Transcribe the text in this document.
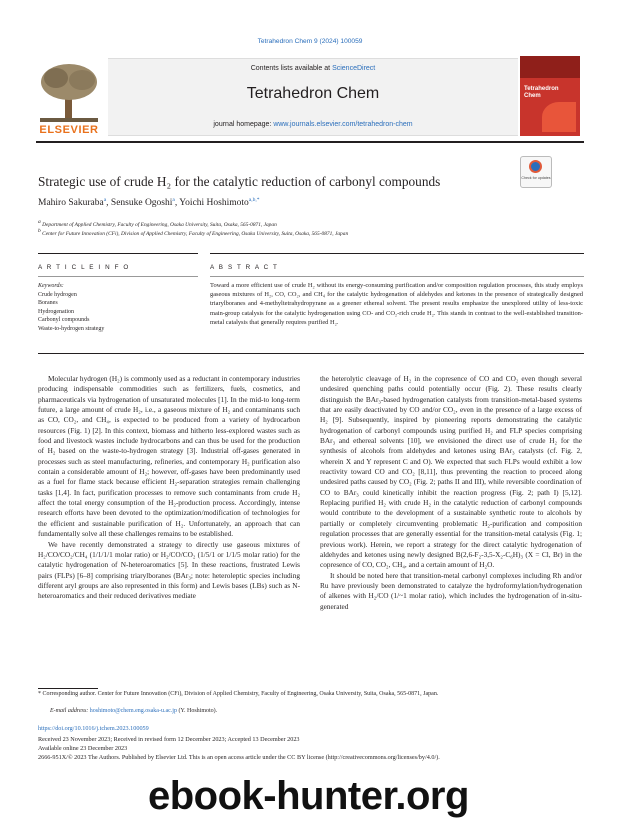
Tetrahedron Chem 9 (2024) 100059
ELSEVIER
Contents lists available at ScienceDirect
Tetrahedron Chem
journal homepage: www.journals.elsevier.com/tetrahedron-chem
Tetrahedron Chem
Strategic use of crude H₂ for the catalytic reduction of carbonyl compounds	Check for updates
Mahiro Sakuraba$^a$, Sensuke Ogoshi$^a$, Yoichi Hoshimoto$^{a,b,*}$
$^a$ Department of Applied Chemistry, Faculty of Engineering, Osaka University, Suita, Osaka, 565-0871, Japan
$^b$ Center for Future Innovation (CFi), Division of Applied Chemistry, Faculty of Engineering, Osaka University, Suita, Osaka, 565-0871, Japan
A R T I C L E I N F O	A B S T R A C T
Keywords:
Crude hydrogen
Boranes
Hydrogenation
Carbonyl compounds
Waste-to-hydrogen strategy
Toward a more efficient use of crude H₂ without its energy-consuming purification and/or composition regulation processes, this study employs gaseous mixtures of H₂, CO, CO₂, and CH₄ for the catalytic hydrogenation of aldehydes and ketones in the presence of strategically designed triarylboranes and 4-methyltetrahydropyrane as a greener ethereal solvent. The present results emphasize the unexplored utility of less-toxic main-group catalysis for the catalytic hydrogenation using CO- and CO₂-rich crude H₂. This stands in contrast to the well-established transition-metal catalysis that generally requires purified H₂.

Molecular hydrogen (H₂) is commonly used as a reductant in contemporary industries producing indispensable commodities such as fertilizers, fuels, cosmetics, and pharmaceuticals via hydrogenation of unsaturated molecules [1]. In the mid-to long-term future, a large amount of crude H₂, i.e., a gaseous mixture of H₂ and contaminants such as CO, CO₂, and CH₄, is expected to be produced from a variety of hydrocarbon resources (Fig. 1) [2]. In this context, biomass and hitherto less-explored wastes such as food and livestock wastes include hydrocarbons and can thus be used for the production of H₂ based on the waste-to-hydrogen strategy [3]. Industrial off-gases generated in processes such as steel manufacturing, refineries, and contemporary H₂ purification also contain a considerable amount of H₂; however, off-gases have been predominantly used as a fuel for flame stack because efficient H₂-separation strategies remain challenging tasks [1,4]. In fact, purification processes to remove such contaminants from crude H₂ affect the total energy consumption of the H₂-production process. Accordingly, intense research efforts have been devoted to the optimization/modification of technologies for the efficient and sustainable purification of H₂. Unfortunately, an approach that can fundamentally solve all these challenges remains to be established.

We have recently demonstrated a strategy to directly use gaseous mixtures of H₂/CO/CO₂/CH₄ (1/1/1/1 molar ratio) or H₂/CO/CO₂ (1/5/1 or 1/1/5 molar ratio) for the catalytic hydrogenation of N-heteroaromatics [5]. In these reactions, frustrated Lewis pairs (FLPs) [6–8] comprising triarylboranes (BAr₃; note: heteroleptic species including different aryl groups are also represented in this form) and Lewis bases (LBs) such as N-heteroaromatics and their reduced derivatives mediate

the heterolytic cleavage of H₂ in the copresence of CO and CO₂ even though several undesired quenching paths could potentially occur (Fig. 2). These results clearly distinguish the BAr₃-based hydrogenation catalysts from transition-metal-based systems that are easily deactivated by CO and/or CO₂, even in the presence of a large excess of H₂ [9]. Subsequently, inspired by pioneering reports demonstrating the catalytic hydrogenation of carbonyl compounds using purified H₂ and FLP species comprising BAr₃ and ethereal solvents [10], we envisioned the direct use of crude H₂ for the synthesis of alcohols from aldehydes and ketones using BAr₃ catalysts (cf. Fig. 2, wherein X and Y represent C and O). We expected that such FLPs would exhibit a low reactivity toward CO and CO₂ [8,11], thus preventing the reaction to proceed along undesired paths caused by CO₂ (Fig. 2; paths II and III), while reversible coordination of CO to BAr₃ could kinetically inhibit the reaction progress (Fig. 2; path I) [5,12]. Replacing purified H₂ with crude H₂ in the catalytic reduction of carbonyl compounds would contribute to the development of a sustainable synthetic route to alcohols by partially or completely circumventing problematic H₂-purification and composition regulation processes that are generally essential for the transition-metal catalysis (Fig. 1; previous work). Herein, we report a strategy for the direct catalytic hydrogenation of aldehydes and ketones using newly designed B(2,6-F₂-3,5-X₂-C₆H)₃ (X = Cl, Br) in the copresence of CO, CO₂, CH₄, and a certain amount of H₂O.

It should be noted here that transition-metal carbonyl complexes including Rh and/or Ru have previously been demonstrated to catalyze the hydroformylation/hydrogenation of alkenes with H₂/CO (1/~1 molar ratio), which includes the hydrogenation of in-situ-generated

* Corresponding author. Center for Future Innovation (CFi), Division of Applied Chemistry, Faculty of Engineering, Osaka University, Suita, Osaka, 565-0871, Japan.
E-mail address: hoshimoto@chem.eng.osaka-u.ac.jp (Y. Hoshimoto).
https://doi.org/10.1016/j.tchem.2023.100059
Received 23 November 2023; Received in revised form 12 December 2023; Accepted 13 December 2023
Available online 23 December 2023
2666-951X/© 2023 The Authors. Published by Elsevier Ltd. This is an open access article under the CC BY license (http://creativecommons.org/licenses/by/4.0/).
ebook-hunter.org
